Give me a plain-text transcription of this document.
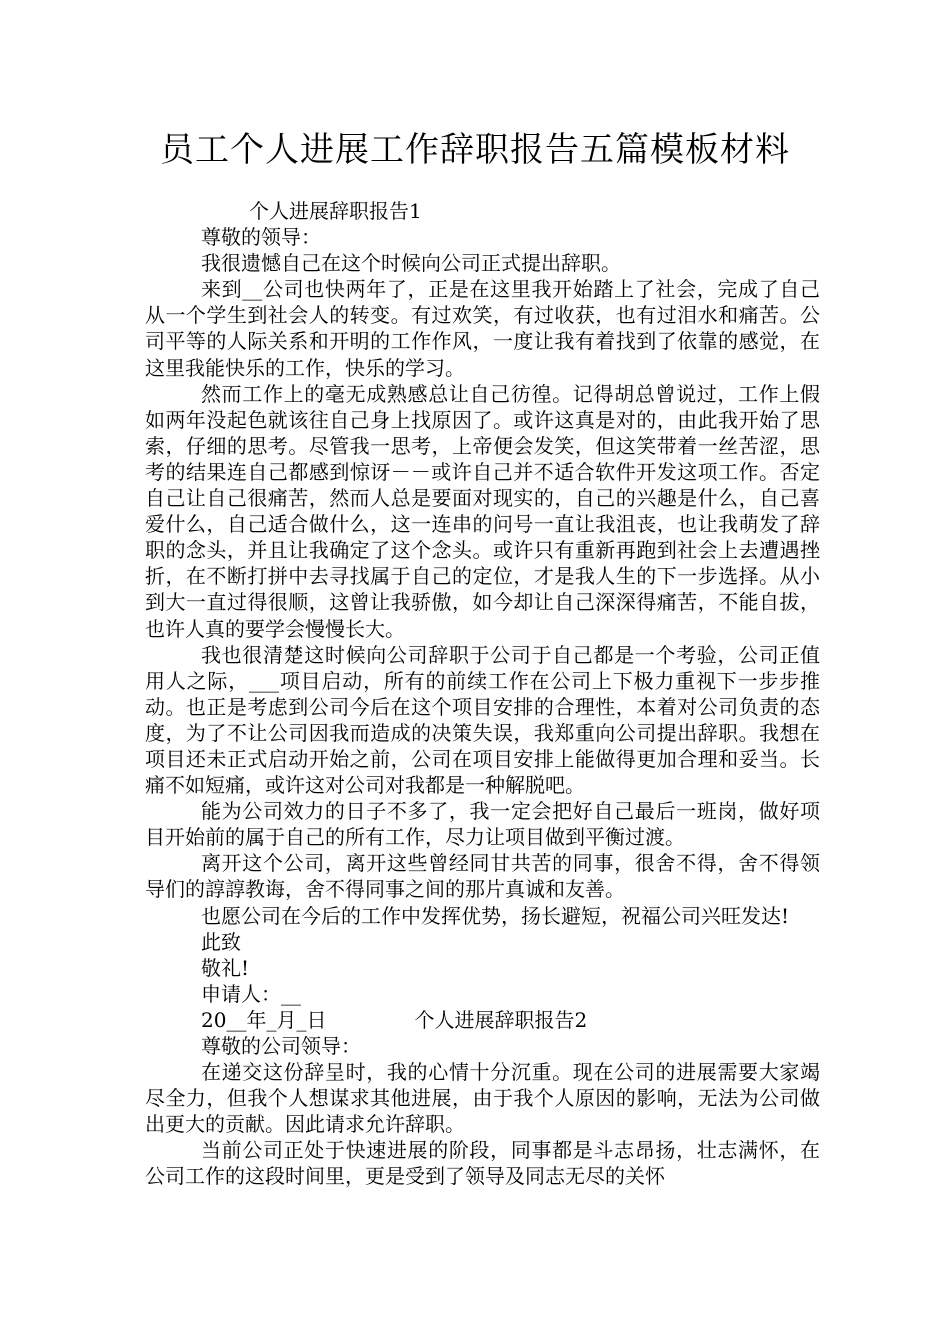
员工个人进展工作辞职报告五篇模板材料

个人进展辞职报告1

尊敬的领导：

我很遗憾自己在这个时候向公司正式提出辞职。

来到__公司也快两年了，正是在这里我开始踏上了社会，完成了自己从一个学生到社会人的转变。有过欢笑，有过收获，也有过泪水和痛苦。公司平等的人际关系和开明的工作作风，一度让我有着找到了依靠的感觉，在这里我能快乐的工作，快乐的学习。

然而工作上的毫无成熟感总让自己彷徨。记得胡总曾说过，工作上假如两年没起色就该往自己身上找原因了。或许这真是对的，由此我开始了思索，仔细的思考。尽管我一思考，上帝便会发笑，但这笑带着一丝苦涩，思考的结果连自己都感到惊讶－－或许自己并不适合软件开发这项工作。否定自己让自己很痛苦，然而人总是要面对现实的，自己的兴趣是什么，自己喜爱什么，自己适合做什么，这一连串的问号一直让我沮丧，也让我萌发了辞职的念头，并且让我确定了这个念头。或许只有重新再跑到社会上去遭遇挫折，在不断打拼中去寻找属于自己的定位，才是我人生的下一步选择。从小到大一直过得很顺，这曾让我骄傲，如今却让自己深深得痛苦，不能自拔，也许人真的要学会慢慢长大。

我也很清楚这时候向公司辞职于公司于自己都是一个考验，公司正值用人之际，___项目启动，所有的前续工作在公司上下极力重视下一步步推动。也正是考虑到公司今后在这个项目安排的合理性，本着对公司负责的态度，为了不让公司因我而造成的决策失误，我郑重向公司提出辞职。我想在项目还未正式启动开始之前，公司在项目安排上能做得更加合理和妥当。长痛不如短痛，或许这对公司对我都是一种解脱吧。

能为公司效力的日子不多了，我一定会把好自己最后一班岗，做好项目开始前的属于自己的所有工作，尽力让项目做到平衡过渡。

离开这个公司，离开这些曾经同甘共苦的同事，很舍不得，舍不得领导们的諄諄教诲，舍不得同事之间的那片真诚和友善。

也愿公司在今后的工作中发挥优势，扬长避短，祝福公司兴旺发达!

此致

敬礼!

申请人：__

20__年_月_日	个人进展辞职报告2

尊敬的公司领导：

在递交这份辞呈时，我的心情十分沉重。现在公司的进展需要大家竭尽全力，但我个人想谋求其他进展，由于我个人原因的影响，无法为公司做出更大的贡献。因此请求允许辞职。

当前公司正处于快速进展的阶段，同事都是斗志昂扬，壮志满怀，在公司工作的这段时间里，更是受到了领导及同志无尽的关怀
